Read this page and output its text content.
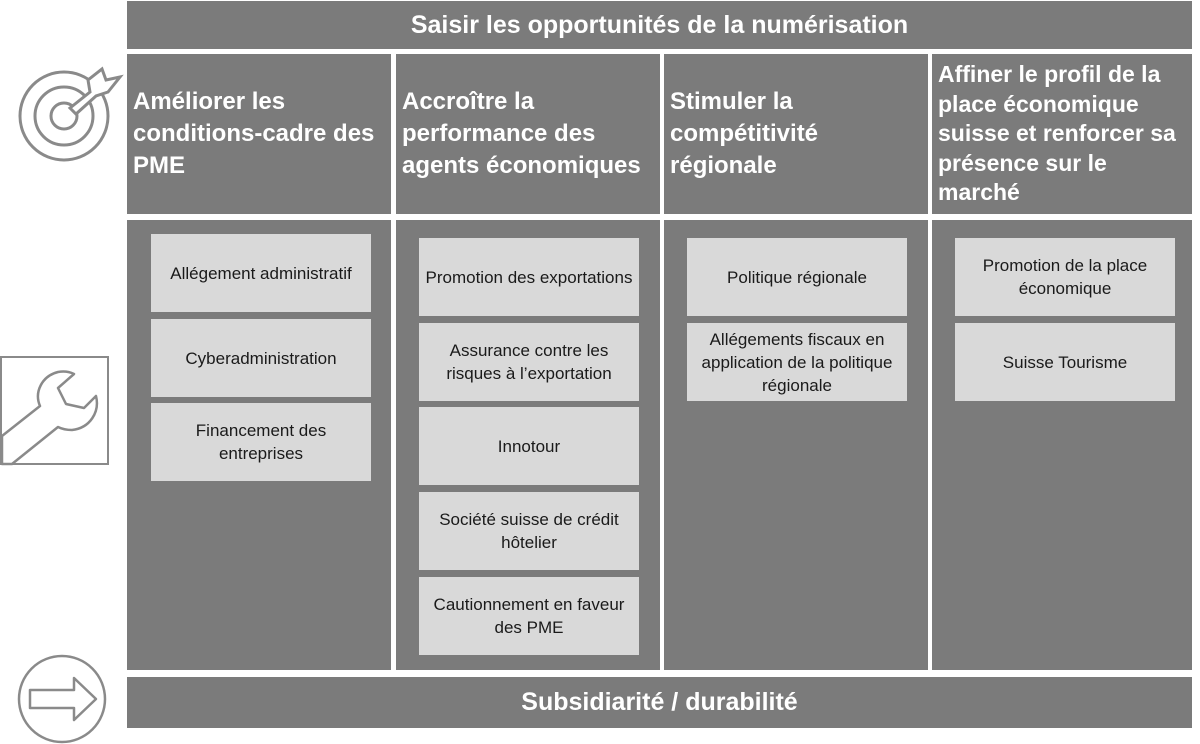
Saisir les opportunités de la numérisation
Améliorer les conditions-cadre des PME
Accroître la performance des agents économiques
Stimuler la compétitivité régionale
Affiner le profil de la place économique suisse et renforcer sa présence sur le marché
Allégement administratif
Cyberadministration
Financement des entreprises
Promotion des exportations
Assurance contre les risques à l’exportation
Innotour
Société suisse de crédit hôtelier
Cautionnement en faveur des PME
Politique régionale
Allégements fiscaux en application de la politique régionale
Promotion de la place économique
Suisse Tourisme
Subsidiarité / durabilité
